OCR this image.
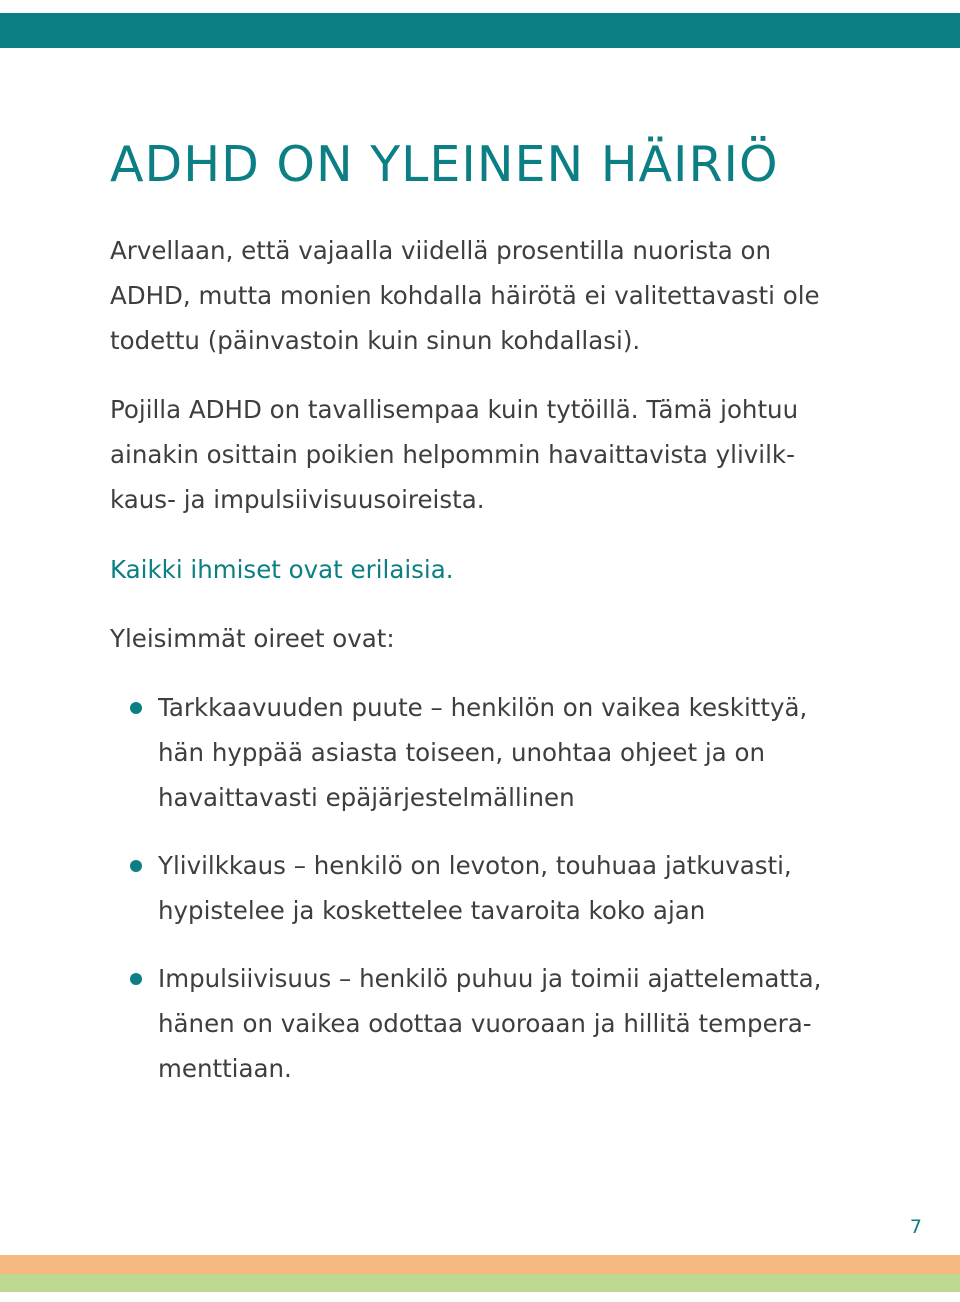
ADHD ON YLEINEN HÄIRIÖ

Arvellaan, että vajaalla viidellä prosentilla nuorista on ADHD, mutta monien kohdalla häirötä ei valitettavasti ole todettu (päinvastoin kuin sinun kohdallasi).

Pojilla ADHD on tavallisempaa kuin tytöillä. Tämä johtuu ainakin osittain poikien helpommin havaittavista ylivilkkaus- ja impulsiivisuusoireista.

Kaikki ihmiset ovat erilaisia.

Yleisimmät oireet ovat:

Tarkkaavuuden puute – henkilön on vaikea keskittyä, hän hyppää asiasta toiseen, unohtaa ohjeet ja on havaittavasti epäjärjestelmällinen
Ylivilkkaus – henkilö on levoton, touhuaa jatkuvasti, hypistelee ja koskettelee tavaroita koko ajan
Impulsiivisuus – henkilö puhuu ja toimii ajattelematta, hänen on vaikea odottaa vuoroaan ja hillitä temperamenttiaan.
7
